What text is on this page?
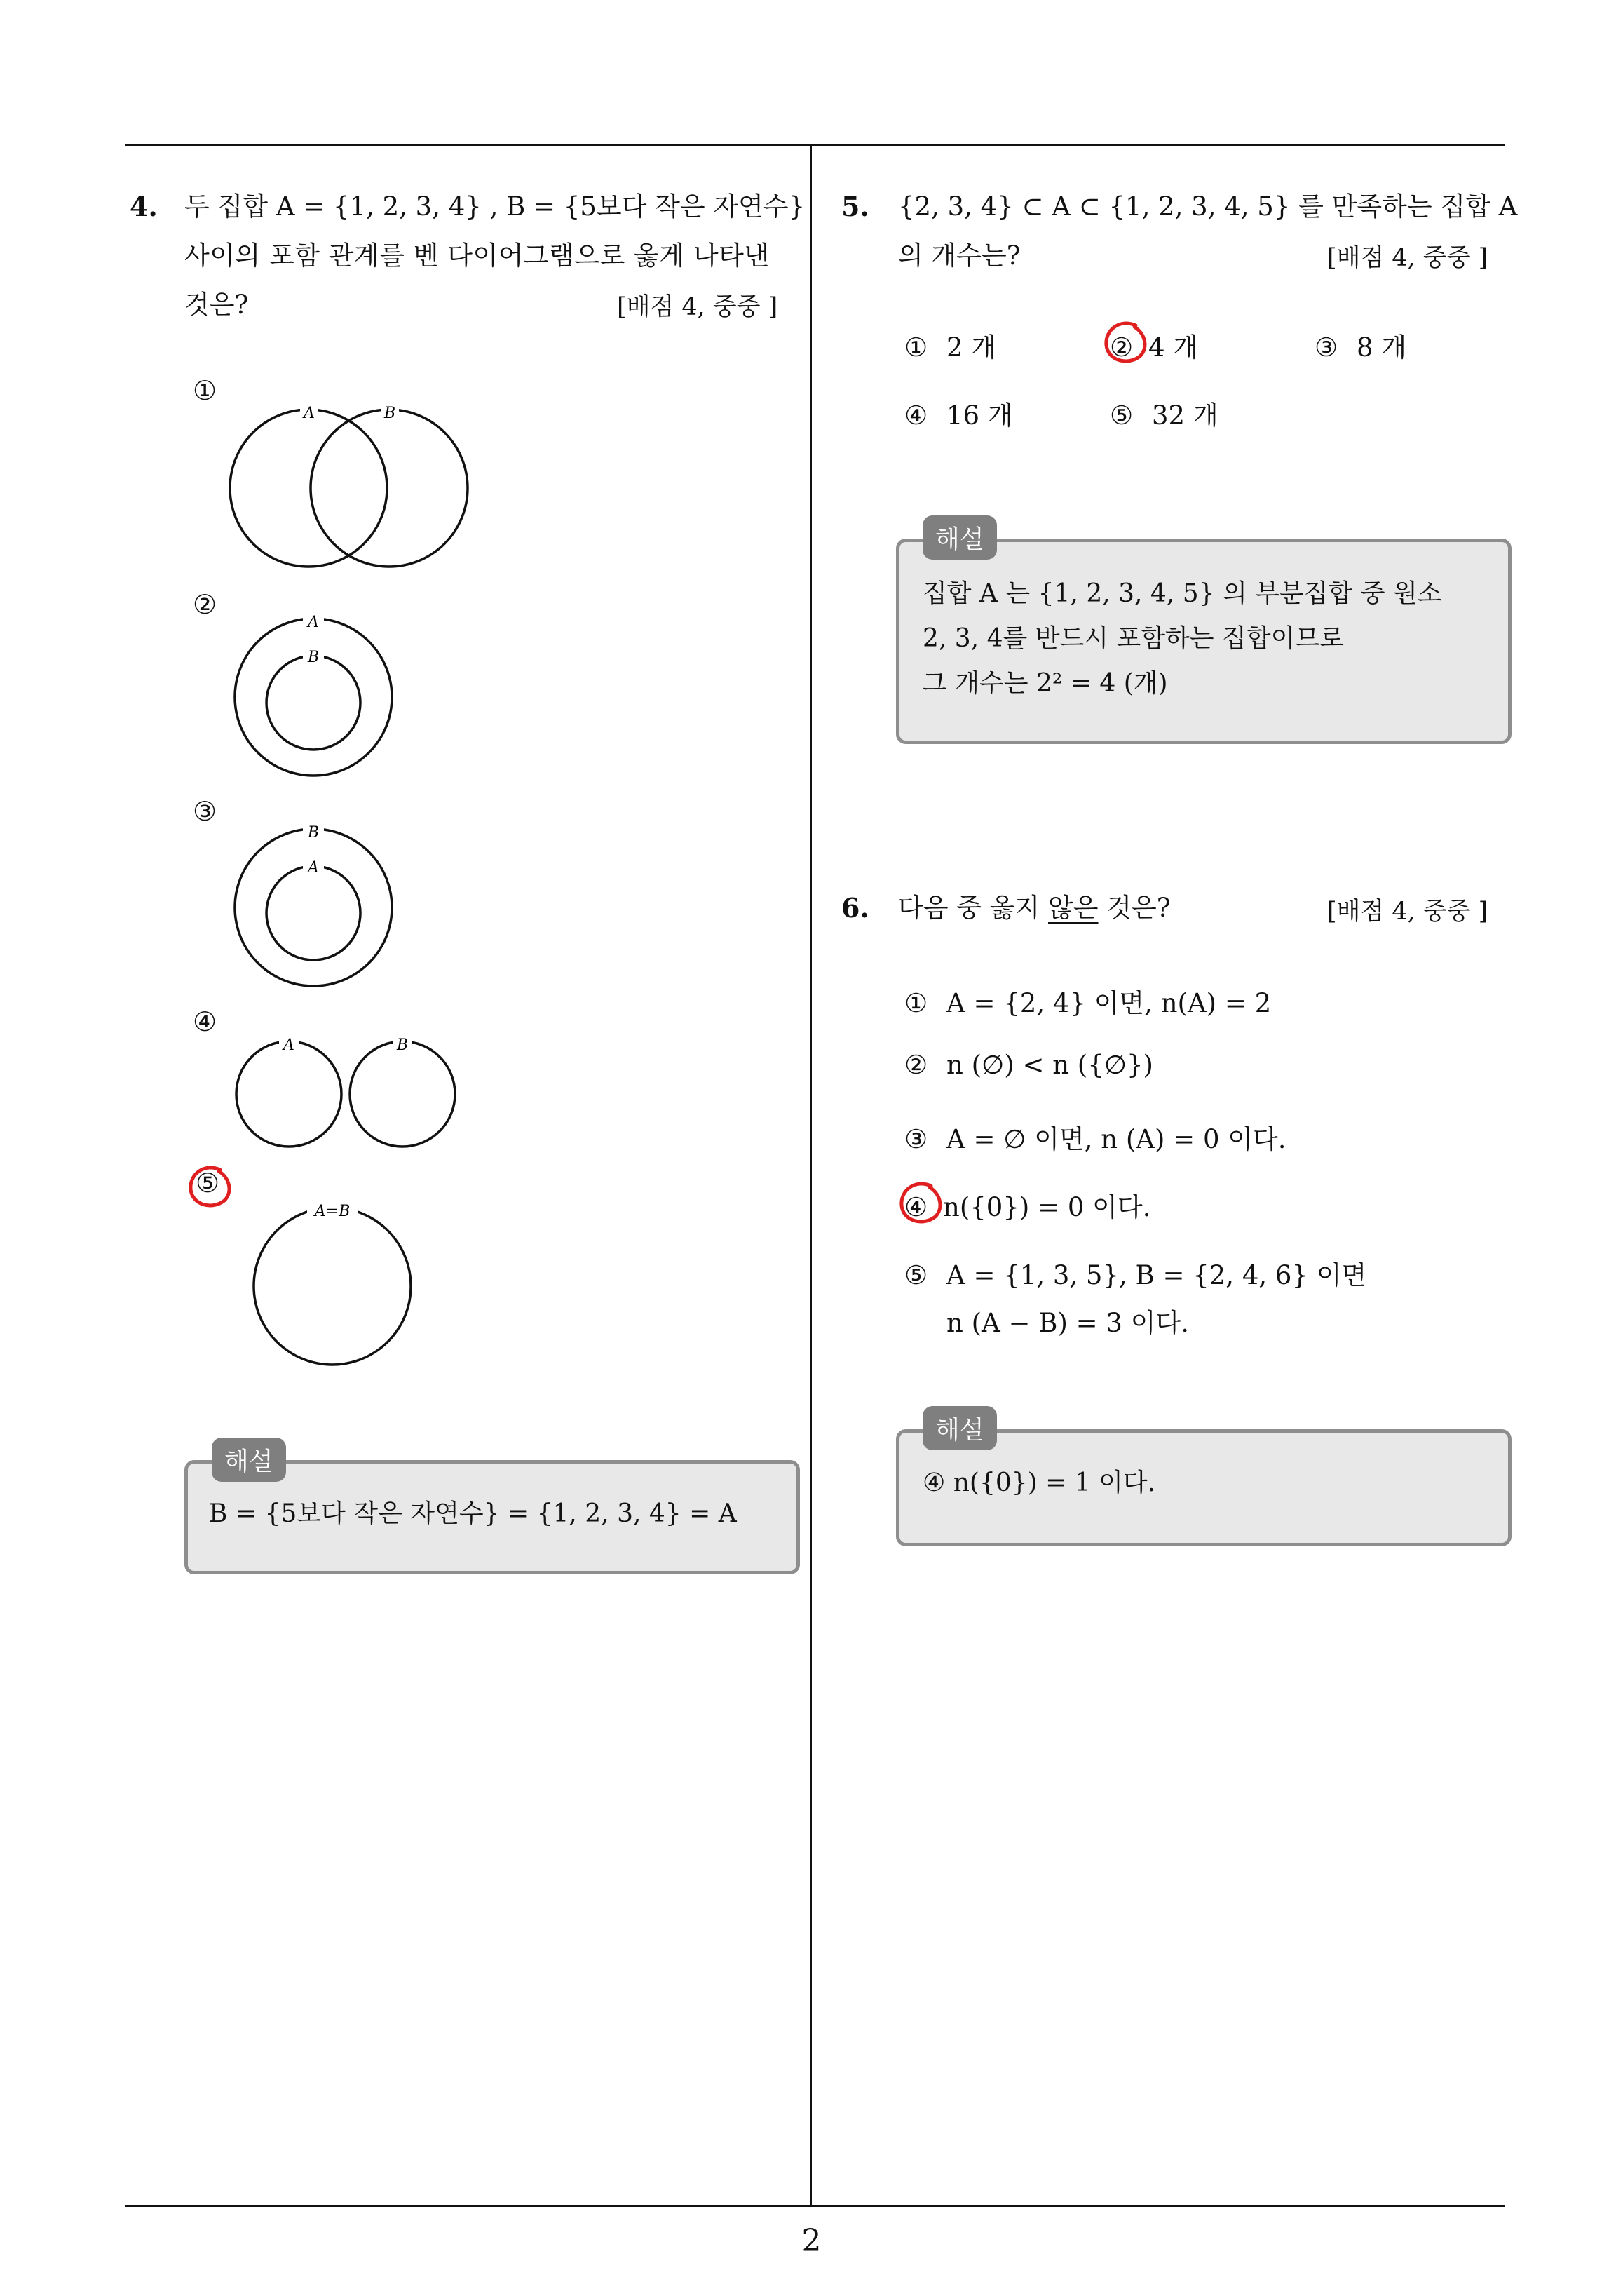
4. 두 집합 A = {1, 2, 3, 4} , B = {5보다 작은 자연수}
사이의 포함 관계를 벤 다이어그램으로 옳게 나타낸
것은?	[배점 4, 중중 ]
①
A	B
②
A
B
③
B
A
④
A	B
⑤
A=B
B = {5보다 작은 자연수} = {1, 2, 3, 4} = A
해설
5. {2, 3, 4} ⊂ A ⊂ {1, 2, 3, 4, 5} 를 만족하는 집합 A
의 개수는?	[배점 4, 중중 ]
① 2 개	② 4 개	③ 8 개
④ 16 개	⑤ 32 개
집합 A 는 {1, 2, 3, 4, 5} 의 부분집합 중 원소
2, 3, 4를 반드시 포함하는 집합이므로
그 개수는 2² = 4 (개)
해설
6. 다음 중 옳지 않은 것은?	[배점 4, 중중 ]
① A = {2, 4} 이면, n(A) = 2
② n (∅) < n ({∅})
③ A = ∅ 이면, n (A) = 0 이다.
④ n({0}) = 0 이다.
⑤ A = {1, 3, 5}, B = {2, 4, 6} 이면
n (A − B) = 3 이다.
④ n({0}) = 1 이다.
해설
2
